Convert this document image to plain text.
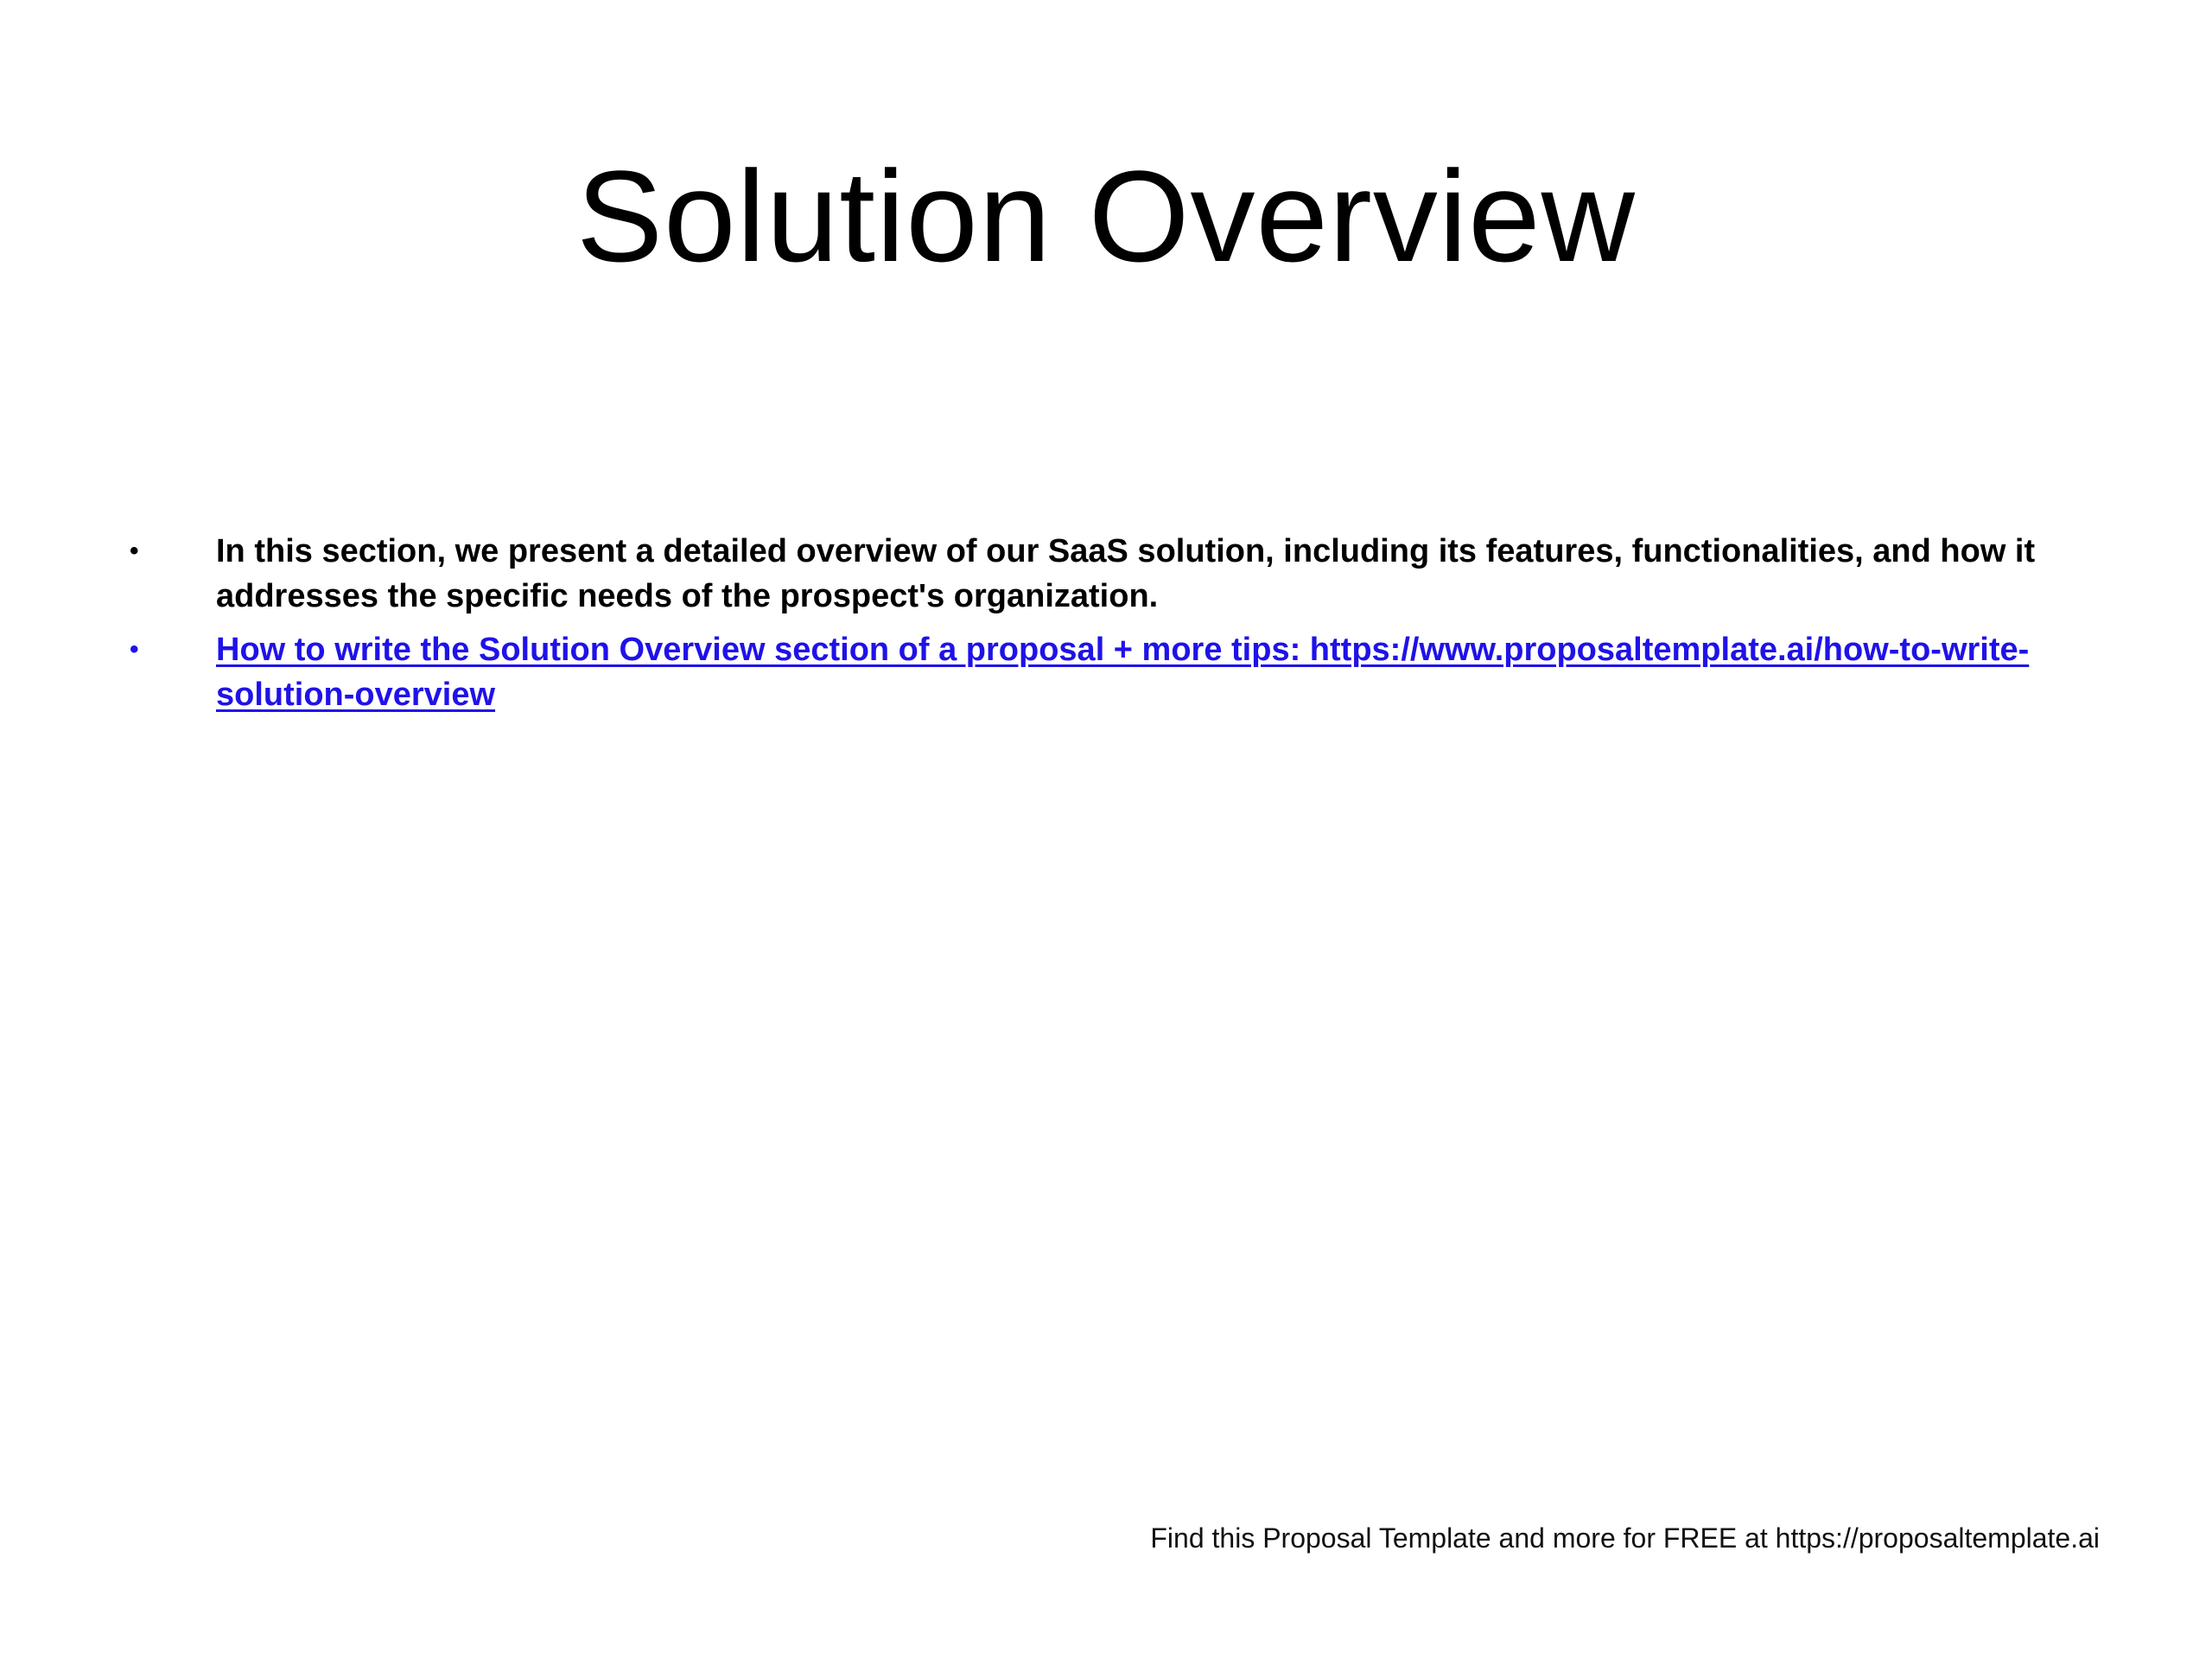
Solution Overview
•	In this section, we present a detailed overview of our SaaS solution, including its features, functionalities, and how it addresses the specific needs of the prospect's organization.
•	How to write the Solution Overview section of a proposal + more tips: https://www.proposaltemplate.ai/how-to-write-solution-overview
Find this Proposal Template and more for FREE at https://proposaltemplate.ai
